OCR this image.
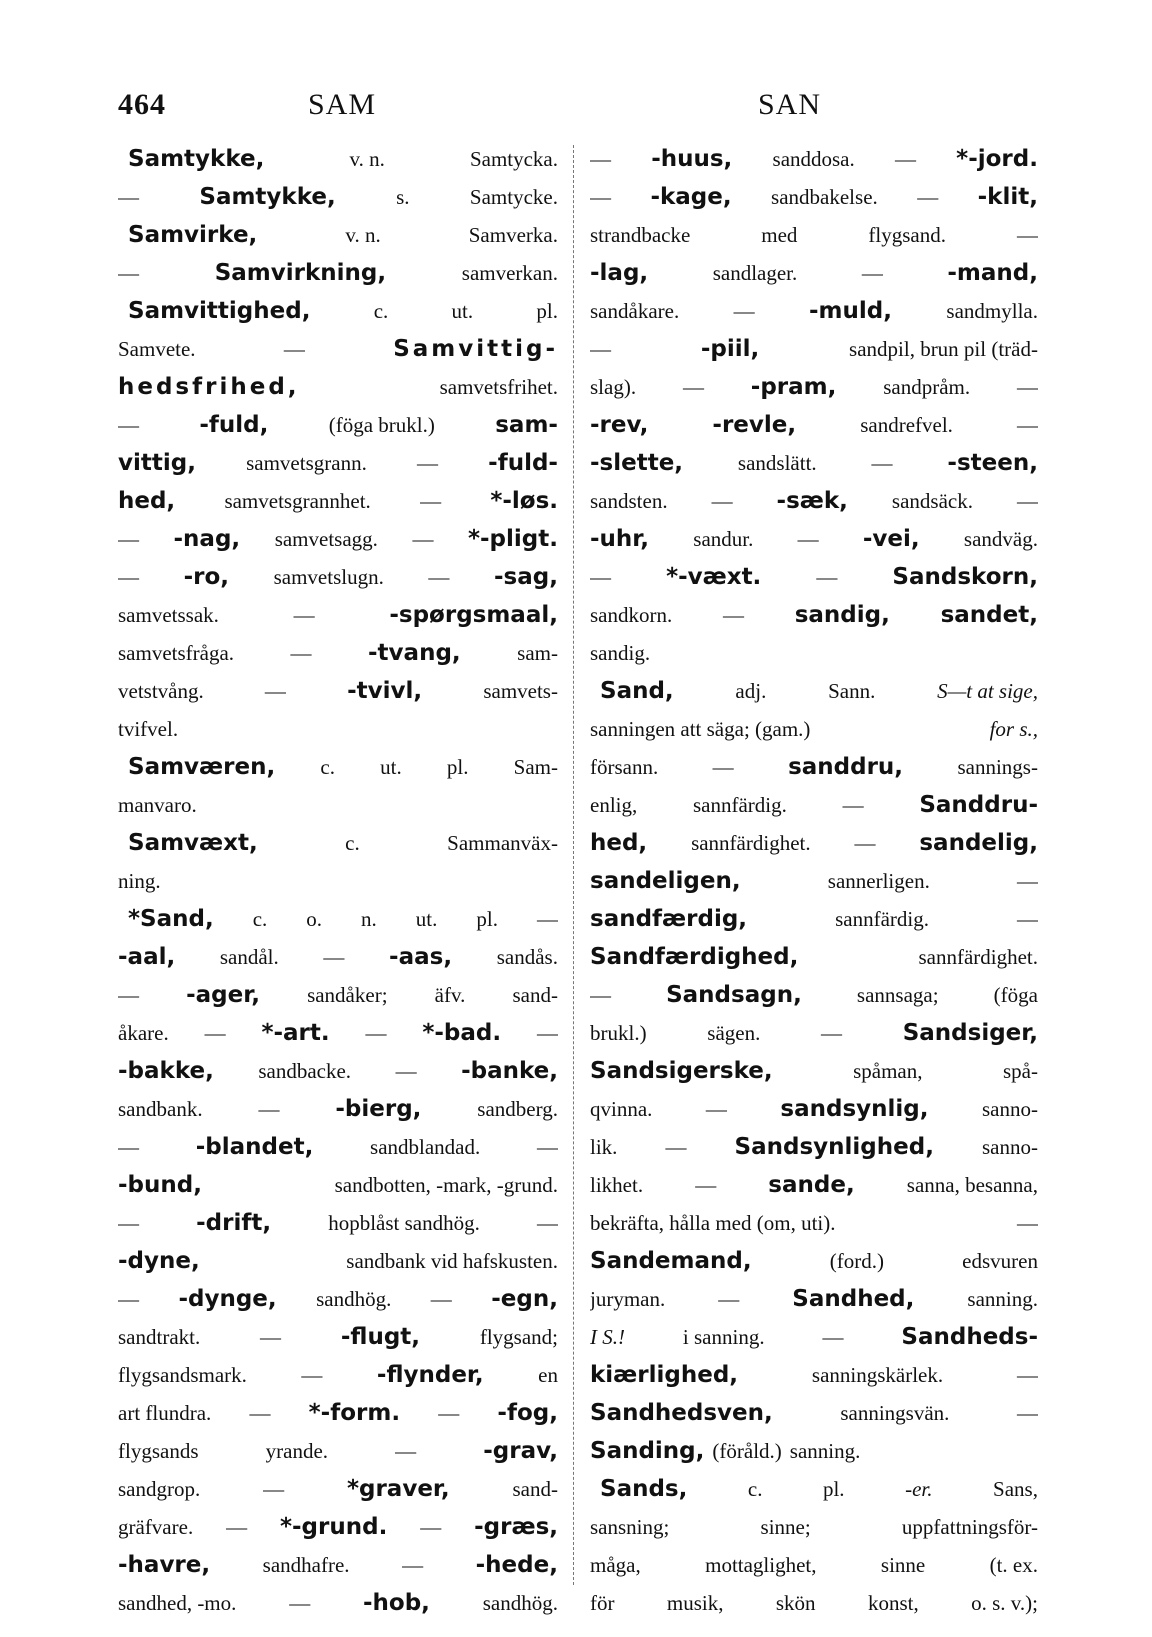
464	SAM	SAN
Samtykke,	v. n.	Samtycka.
—	Samtykke,	s.	Samtycke.
Samvirke,	v. n.	Samverka.
—	Samvirkning,	samverkan.
Samvittighed,	c.	ut.	pl.
Samvete.	—	Samvittig-
hedsfrihed,	samvetsfrihet.
—	-fuld,	(föga brukl.)	sam-
vittig, samvetsgrann. — -fuld-
hed, samvetsgrannhet. — *-løs.
— -nag, samvetsagg. — *-pligt.
— -ro, samvetslugn. — -sag,
samvetssak.	—	-spørgsmaal,
samvetsfråga.	— -tvang,	sam-
vetstvång.	—	-tvivl,	samvets-
tvifvel.
Samværen, c. ut. pl. Sam-
manvaro.
Samvæxt,	c.	Sammanväx-
ning.
*Sand, c. o. n. ut. pl. —
-aal, sandål. — -aas, sandås.
— -ager, sandåker; äfv. sand-
åkare. — *-art. — *-bad. —
-bakke, sandbacke. — -banke,
sandbank.	— -bierg,	sandberg.
— -blandet,	sandblandad.	—
-bund,	sandbotten, -mark, -grund.
— -drift,	hopblåst sandhög.	—
-dyne,	sandbank vid hafskusten.
— -dynge, sandhög. — -egn,
sandtrakt.	—	-flugt,	flygsand;
flygsandsmark.	— -flynder,	en
art flundra. — *-form. — -fog,
flygsands	yrande.	—	-grav,
sandgrop.	—	*graver,	sand-
gräfvare. — *-grund. — -græs,
-havre,	sandhafre.	— -hede,
sandhed, -mo.	— -hob,	sandhög.
— -huus, sanddosa. — *-jord.
— -kage, sandbakelse. — -klit,
strandbacke	med	flygsand.	—
-lag,	sandlager.	—	-mand,
sandåkare.	— -muld,	sandmylla.
—	-piil,	sandpil, brun pil (träd-
slag). — -pram, sandpråm. —
-rev,	-revle,	sandrefvel.	—
-slette,	sandslätt.	— -steen,
sandsten. — -sæk, sandsäck. —
-uhr, sandur. — -vei, sandväg.
— *-væxt.	— Sandskorn,
sandkorn. — sandig, sandet,
sandig.
Sand,	adj.	Sann.	S—t at sige,
sanningen att säga; (gam.)	for s.,
försann.	— sanddru,	sannings-
enlig,	sannfärdig.	— Sanddru-
hed, sannfärdighet. — sandelig,
sandeligen,	sannerligen.	—
sandfærdig,	sannfärdig.	—
Sandfærdighed,	sannfärdighet.
— Sandsagn,	sannsaga;	(föga
brukl.)	sägen.	—	Sandsiger,
Sandsigerske,	spåman,	spå-
qvinna.	— sandsynlig,	sanno-
lik. — Sandsynlighed, sanno-
likhet. — sande, sanna, besanna,
bekräfta, hålla med (om, uti).	—
Sandemand,	(ford.)	edsvuren
juryman.	— Sandhed,	sanning.
I S.!	i sanning.	—	Sandheds-
kiærlighed,	sanningskärlek.	—
Sandhedsven,	sanningsvän.	—
Sanding, (föråld.) sanning.
Sands,	c.	pl.	-er.	Sans,
sansning;	sinne;	uppfattningsför-
måga,	mottaglighet,	sinne	(t. ex.
för musik, skön konst, o. s. v.);
